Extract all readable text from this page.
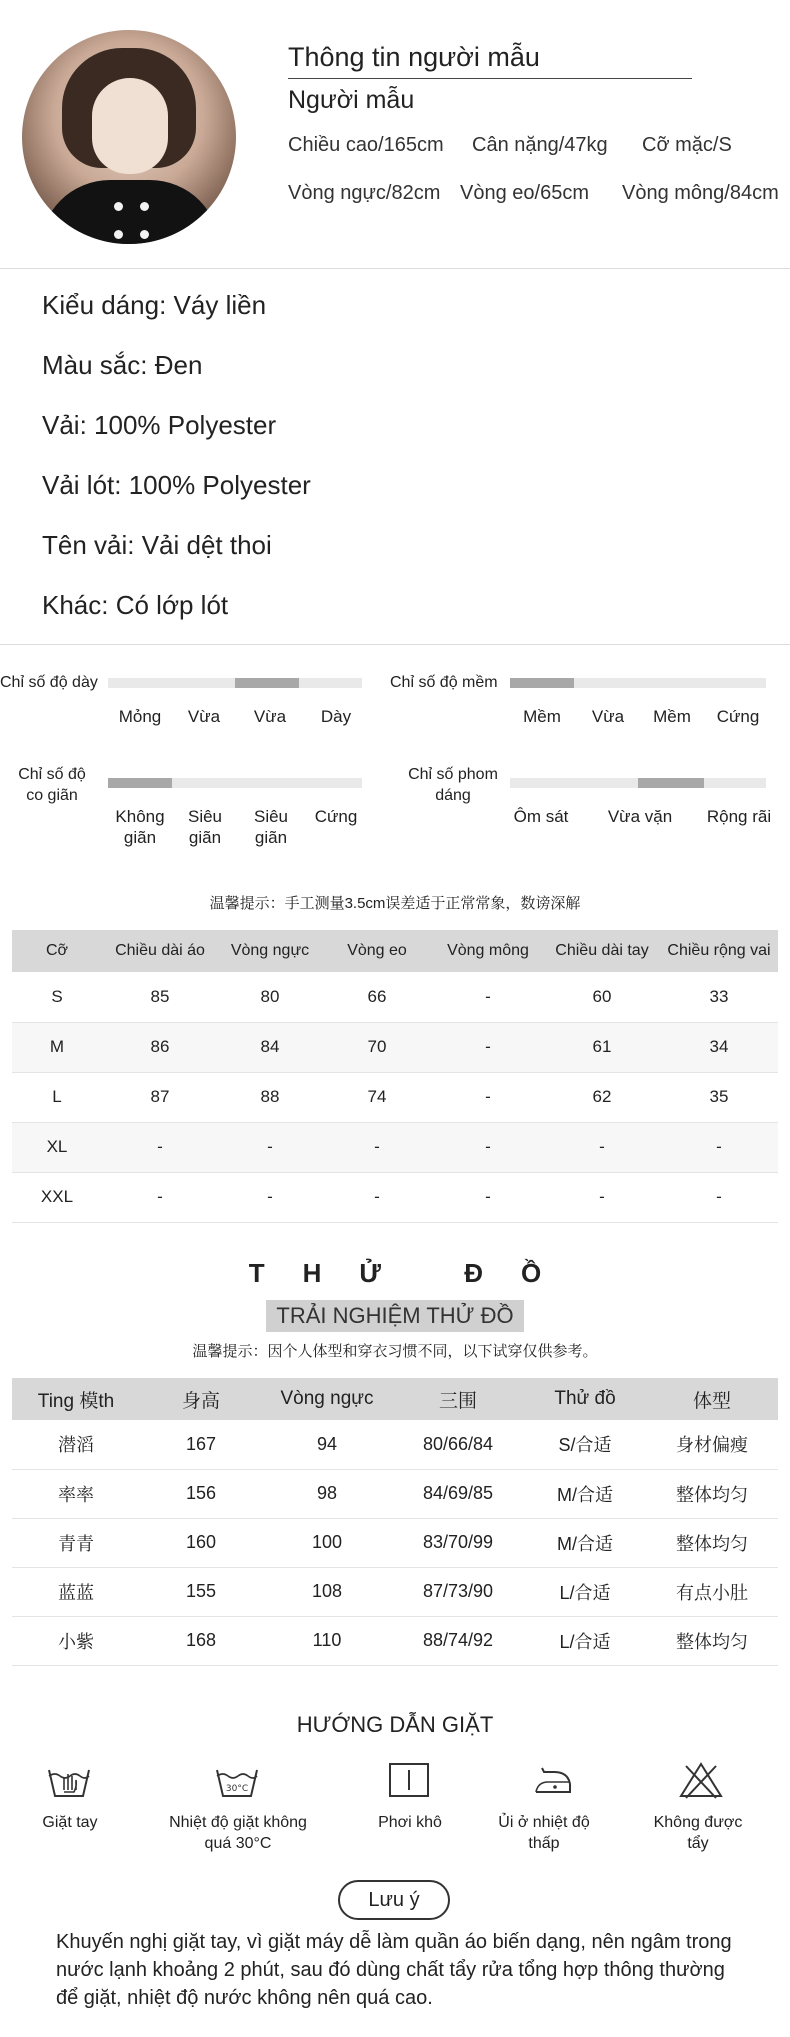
Thông tin người mẫu
Người mẫu
Chiều cao/165cm Cân nặng/47kg Cỡ mặc/S
Vòng ngực/82cm Vòng eo/65cm Vòng mông/84cm
Kiểu dáng: Váy liền
Màu sắc: Đen
Vải: 100% Polyester
Vải lót: 100% Polyester
Tên vải: Vải dệt thoi
Khác: Có lớp lót
Chỉ số độ dày
Mỏng	Vừa	Vừa	Dày
Chỉ số độ mềm
Mềm	Vừa	Mềm	Cứng
Chỉ số độ co giãn
Không giãn
Siêu giãn
Siêu giãn
Cứng
Chỉ số phom dáng
Ôm sát	Vừa vặn	Rộng rãi
温馨提示：手工测量3.5cm误差适于正常常象，数谤深解
Cỡ	Chiều dài áo	Vòng ngực	Vòng eo	Vòng mông	Chiều dài tay	Chiều rộng vai
S	85	80	66	-	60	33
M	86	84	70	-	61	34
L	87	88	74	-	62	35
XL	-	-	-	-	-	-
XXL	-	-	-	-	-	-
THỬ ĐỒ
TRẢI NGHIỆM THỬ ĐỒ
温馨提示：因个人体型和穿衣习惯不同，以下试穿仅供参考。
Ting 模th	身高	Vòng ngực	三围	Thử đồ	体型
潜滔	167	94	80/66/84	S/合适	身材偏瘦
率率	156	98	84/69/85	M/合适	整体均匀
青青	160	100	83/70/99	M/合适	整体均匀
蓝蓝	155	108	87/73/90	L/合适	有点小肚
小紫	168	110	88/74/92	L/合适	整体均匀
HƯỚNG DẪN GIẶT
30°C
Giặt tay	Nhiệt độ giặt không quá 30°C
Phơi khô	Ủi ở nhiệt độ thấp
Không được tẩy
Lưu ý
Khuyến nghị giặt tay, vì giặt máy dễ làm quần áo biến dạng, nên ngâm trong nước lạnh khoảng 2 phút, sau đó dùng chất tẩy rửa tổng hợp thông thường để giặt, nhiệt độ nước không nên quá cao.
